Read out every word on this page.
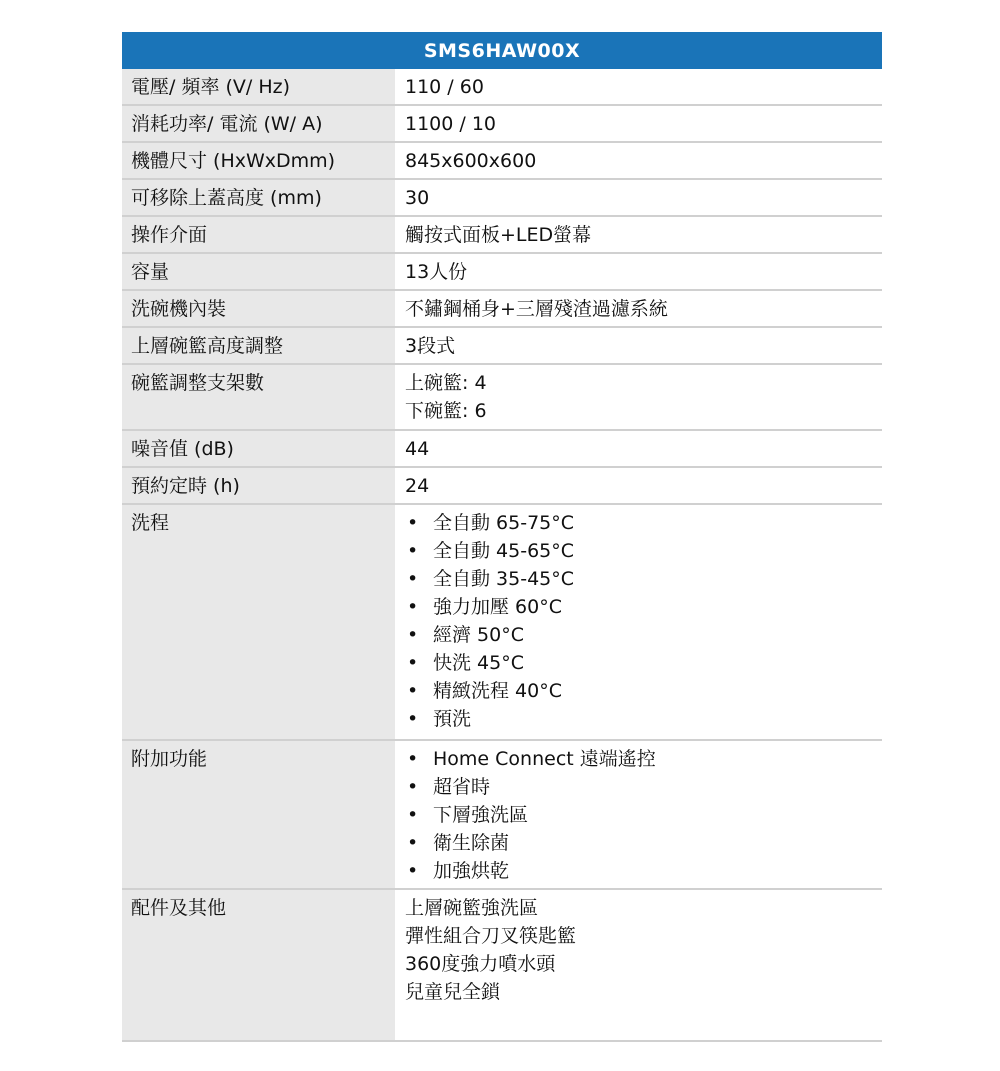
SMS6HAW00X
電壓/ 頻率 (V/ Hz)	110 / 60
消耗功率/ 電流 (W/ A)	1100 / 10
機體尺寸 (HxWxDmm)	845x600x600
可移除上蓋高度 (mm)	30
操作介面	觸按式面板+LED螢幕
容量	13人份
洗碗機內裝	不鏽鋼桶身+三層殘渣過濾系統
上層碗籃高度調整	3段式
碗籃調整支架數	上碗籃: 4
下碗籃: 6
噪音值 (dB)	44
預約定時 (h)	24
洗程	• 全自動 65-75°C
• 全自動 45-65°C
• 全自動 35-45°C
• 強力加壓 60°C
• 經濟 50°C
• 快洗 45°C
• 精緻洗程 40°C
• 預洗
附加功能	• Home Connect 遠端遙控
• 超省時
• 下層強洗區
• 衛生除菌
• 加強烘乾
配件及其他	上層碗籃強洗區
彈性組合刀叉筷匙籃
360度強力噴水頭
兒童兒全鎖
